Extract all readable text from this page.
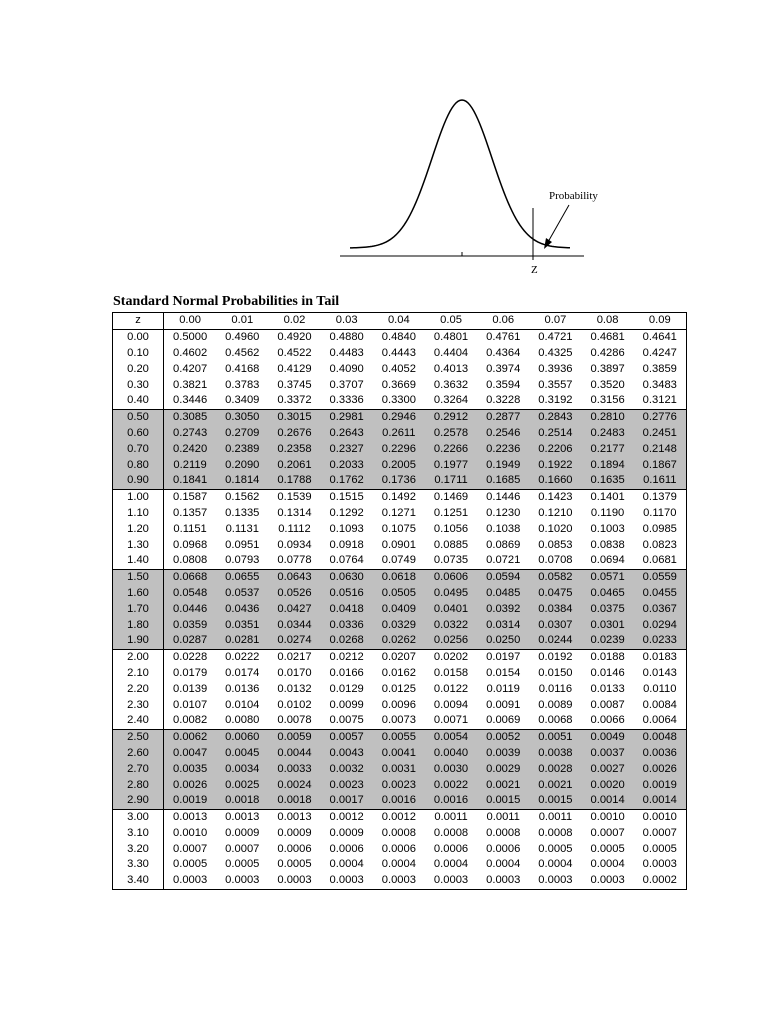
Probability
Z
Standard Normal Probabilities in Tail
z	0.00	0.01	0.02	0.03	0.04	0.05	0.06	0.07	0.08	0.09
0.00	0.5000	0.4960	0.4920	0.4880	0.4840	0.4801	0.4761	0.4721	0.4681	0.4641
0.10	0.4602	0.4562	0.4522	0.4483	0.4443	0.4404	0.4364	0.4325	0.4286	0.4247
0.20	0.4207	0.4168	0.4129	0.4090	0.4052	0.4013	0.3974	0.3936	0.3897	0.3859
0.30	0.3821	0.3783	0.3745	0.3707	0.3669	0.3632	0.3594	0.3557	0.3520	0.3483
0.40	0.3446	0.3409	0.3372	0.3336	0.3300	0.3264	0.3228	0.3192	0.3156	0.3121
0.50	0.3085	0.3050	0.3015	0.2981	0.2946	0.2912	0.2877	0.2843	0.2810	0.2776
0.60	0.2743	0.2709	0.2676	0.2643	0.2611	0.2578	0.2546	0.2514	0.2483	0.2451
0.70	0.2420	0.2389	0.2358	0.2327	0.2296	0.2266	0.2236	0.2206	0.2177	0.2148
0.80	0.2119	0.2090	0.2061	0.2033	0.2005	0.1977	0.1949	0.1922	0.1894	0.1867
0.90	0.1841	0.1814	0.1788	0.1762	0.1736	0.1711	0.1685	0.1660	0.1635	0.1611
1.00	0.1587	0.1562	0.1539	0.1515	0.1492	0.1469	0.1446	0.1423	0.1401	0.1379
1.10	0.1357	0.1335	0.1314	0.1292	0.1271	0.1251	0.1230	0.1210	0.1190	0.1170
1.20	0.1151	0.1131	0.1112	0.1093	0.1075	0.1056	0.1038	0.1020	0.1003	0.0985
1.30	0.0968	0.0951	0.0934	0.0918	0.0901	0.0885	0.0869	0.0853	0.0838	0.0823
1.40	0.0808	0.0793	0.0778	0.0764	0.0749	0.0735	0.0721	0.0708	0.0694	0.0681
1.50	0.0668	0.0655	0.0643	0.0630	0.0618	0.0606	0.0594	0.0582	0.0571	0.0559
1.60	0.0548	0.0537	0.0526	0.0516	0.0505	0.0495	0.0485	0.0475	0.0465	0.0455
1.70	0.0446	0.0436	0.0427	0.0418	0.0409	0.0401	0.0392	0.0384	0.0375	0.0367
1.80	0.0359	0.0351	0.0344	0.0336	0.0329	0.0322	0.0314	0.0307	0.0301	0.0294
1.90	0.0287	0.0281	0.0274	0.0268	0.0262	0.0256	0.0250	0.0244	0.0239	0.0233
2.00	0.0228	0.0222	0.0217	0.0212	0.0207	0.0202	0.0197	0.0192	0.0188	0.0183
2.10	0.0179	0.0174	0.0170	0.0166	0.0162	0.0158	0.0154	0.0150	0.0146	0.0143
2.20	0.0139	0.0136	0.0132	0.0129	0.0125	0.0122	0.0119	0.0116	0.0133	0.0110
2.30	0.0107	0.0104	0.0102	0.0099	0.0096	0.0094	0.0091	0.0089	0.0087	0.0084
2.40	0.0082	0.0080	0.0078	0.0075	0.0073	0.0071	0.0069	0.0068	0.0066	0.0064
2.50	0.0062	0.0060	0.0059	0.0057	0.0055	0.0054	0.0052	0.0051	0.0049	0.0048
2.60	0.0047	0.0045	0.0044	0.0043	0.0041	0.0040	0.0039	0.0038	0.0037	0.0036
2.70	0.0035	0.0034	0.0033	0.0032	0.0031	0.0030	0.0029	0.0028	0.0027	0.0026
2.80	0.0026	0.0025	0.0024	0.0023	0.0023	0.0022	0.0021	0.0021	0.0020	0.0019
2.90	0.0019	0.0018	0.0018	0.0017	0.0016	0.0016	0.0015	0.0015	0.0014	0.0014
3.00	0.0013	0.0013	0.0013	0.0012	0.0012	0.0011	0.0011	0.0011	0.0010	0.0010
3.10	0.0010	0.0009	0.0009	0.0009	0.0008	0.0008	0.0008	0.0008	0.0007	0.0007
3.20	0.0007	0.0007	0.0006	0.0006	0.0006	0.0006	0.0006	0.0005	0.0005	0.0005
3.30	0.0005	0.0005	0.0005	0.0004	0.0004	0.0004	0.0004	0.0004	0.0004	0.0003
3.40	0.0003	0.0003	0.0003	0.0003	0.0003	0.0003	0.0003	0.0003	0.0003	0.0002
